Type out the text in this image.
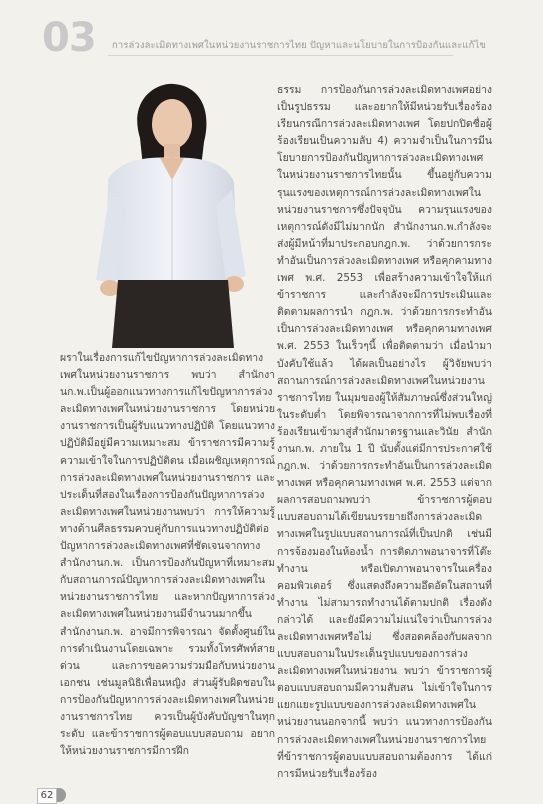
03 การล่วงละเมิดทางเพศในหน่วยงานราชการไทย ปัญหาและนโยบายในการป้องกันและแก้ไข

ธรรม การป้องกันการล่วงละเมิดทางเพศอย่างเป็นรูปธรรม และอยากให้มีหน่วยรับเรื่องร้องเรียนกรณีการล่วงละเมิดทางเพศ โดยปกปิดชื่อผู้ร้องเรียนเป็นความลับ 4) ความจำเป็นในการมีนโยบายการป้องกันปัญหาการล่วงละเมิดทางเพศในหน่วยงานราชการไทยนั้น ขึ้นอยู่กับความรุนแรงของเหตุการณ์การล่วงละเมิดทางเพศในหน่วยงานราชการซึ่งปัจจุบัน ความรุนแรงของเหตุการณ์ดังมีไม่มากนัก สำนักงานก.พ.กำลังจะส่งผู้มีหน้าที่มาประกอบกฎก.พ. ว่าด้วยการกระทำอันเป็นการล่วงละเมิดทางเพศ หรือคุกคามทางเพศ พ.ศ. 2553 เพื่อสร้างความเข้าใจให้แก่ข้าราชการ และกำลังจะมีการประเมินและติดตามผลการนำ กฎก.พ. ว่าด้วยการกระทำอันเป็นการล่วงละเมิดทางเพศ หรือคุกคามทางเพศ พ.ศ. 2553 ในเร็วๆนี้ เพื่อติดตามว่า เมื่อนำมาบังคับใช้แล้ว ได้ผลเป็นอย่างไร ผู้วิจัยพบว่า สถานการณ์การล่วงละเมิดทางเพศในหน่วยงานราชการไทย ในมุมของผู้ให้สัมภาษณ์ซึ่งส่วนใหญ่ในระดับต่ำ โดยพิจารณาจากการที่ไม่พบเรื่องที่ร้องเรียนเข้ามาสู่สำนักมาตรฐานและวินัย สำนักงานก.พ. ภายใน 1 ปี นับตั้งแต่มีการประกาศใช้กฎก.พ. ว่าด้วยการกระทำอันเป็นการล่วงละเมิดทางเพศ หรือคุกคามทางเพศ พ.ศ. 2553 แต่จากผลการสอบถามพบว่า ข้าราชการผู้ตอบแบบสอบถามได้เขียนบรรยายถึงการล่วงละเมิดทางเพศในรูปแบบสถานการณ์ที่เป็นปกติ เช่นมีการจ้องมองในห้องน้ำ การติดภาพอนาจารที่โต๊ะทำงาน หรือเปิดภาพอนาจารในเครื่องคอมพิวเตอร์ ซึ่งแสดงถึงความอึดอัดในสถานที่ทำงาน ไม่สามารถทำงานได้ตามปกติ เรื่องดังกล่าวได้ และยังมีความไม่แน่ใจว่าเป็นการล่วงละเมิดทางเพศหรือไม่ ซึ่งสอดคล้องกับผลจากแบบสอบถามในประเด็นรูปแบบของการล่วงละเมิดทางเพศในหน่วยงาน พบว่า ข้าราชการผู้ตอบแบบสอบถามมีความสับสน ไม่เข้าใจในการแยกแยะรูปแบบของการล่วงละเมิดทางเพศในหน่วยงานนอกจากนี้ พบว่า แนวทางการป้องกันการล่วงละเมิดทางเพศในหน่วยงานราชการไทย ที่ข้าราชการผู้ตอบแบบสอบถามต้องการ ได้แก่ การมีหน่วยรับเรื่องร้อง

ผราในเรื่องการแก้ไขปัญหาการล่วงละเมิดทางเพศในหน่วยงานราชการ พบว่า สำนักงานก.พ.เป็นผู้ออกแนวทางการแก้ไขปัญหาการล่วงละเมิดทางเพศในหน่วยงานราชการ โดยหน่วยงานราชการเป็นผู้รับแนวทางปฏิบัติ โดยแนวทางปฏิบัติมีอยู่มีความเหมาะสม ข้าราชการมีความรู้ความเข้าใจในการปฏิบัติตน เมื่อเผชิญเหตุการณ์การล่วงละเมิดทางเพศในหน่วยงานราชการ และประเด็นที่สองในเรื่องการป้องกันปัญหาการล่วงละเมิดทางเพศในหน่วยงานพบว่า การให้ความรู้ทางด้านศีลธรรมควบคู่กับการแนวทางปฏิบัติต่อปัญหาการล่วงละเมิดทางเพศที่ชัดเจนจากทางสำนักงานก.พ. เป็นการป้องกันปัญหาที่เหมาะสมกับสถานการณ์ปัญหาการล่วงละเมิดทางเพศในหน่วยงานราชการไทย และหากปัญหาการล่วงละเมิดทางเพศในหน่วยงานมีจำนวนมากขึ้น สำนักงานก.พ. อาจมีการพิจารณา จัดตั้งศูนย์ในการดำเนินงานโดยเฉพาะ รวมทั้งโทรศัพท์สายด่วน และการขอความร่วมมือกับหน่วยงานเอกชน เช่นมูลนิธิเพื่อนหญิง ส่วนผู้รับผิดชอบในการป้องกันปัญหาการล่วงละเมิดทางเพศในหน่วยงานราชการไทย ควรเป็นผู้บังคับบัญชาในทุกระดับ และข้าราชการผู้ตอบแบบสอบถาม อยากให้หน่วยงานราชการมีการฝึก

62
